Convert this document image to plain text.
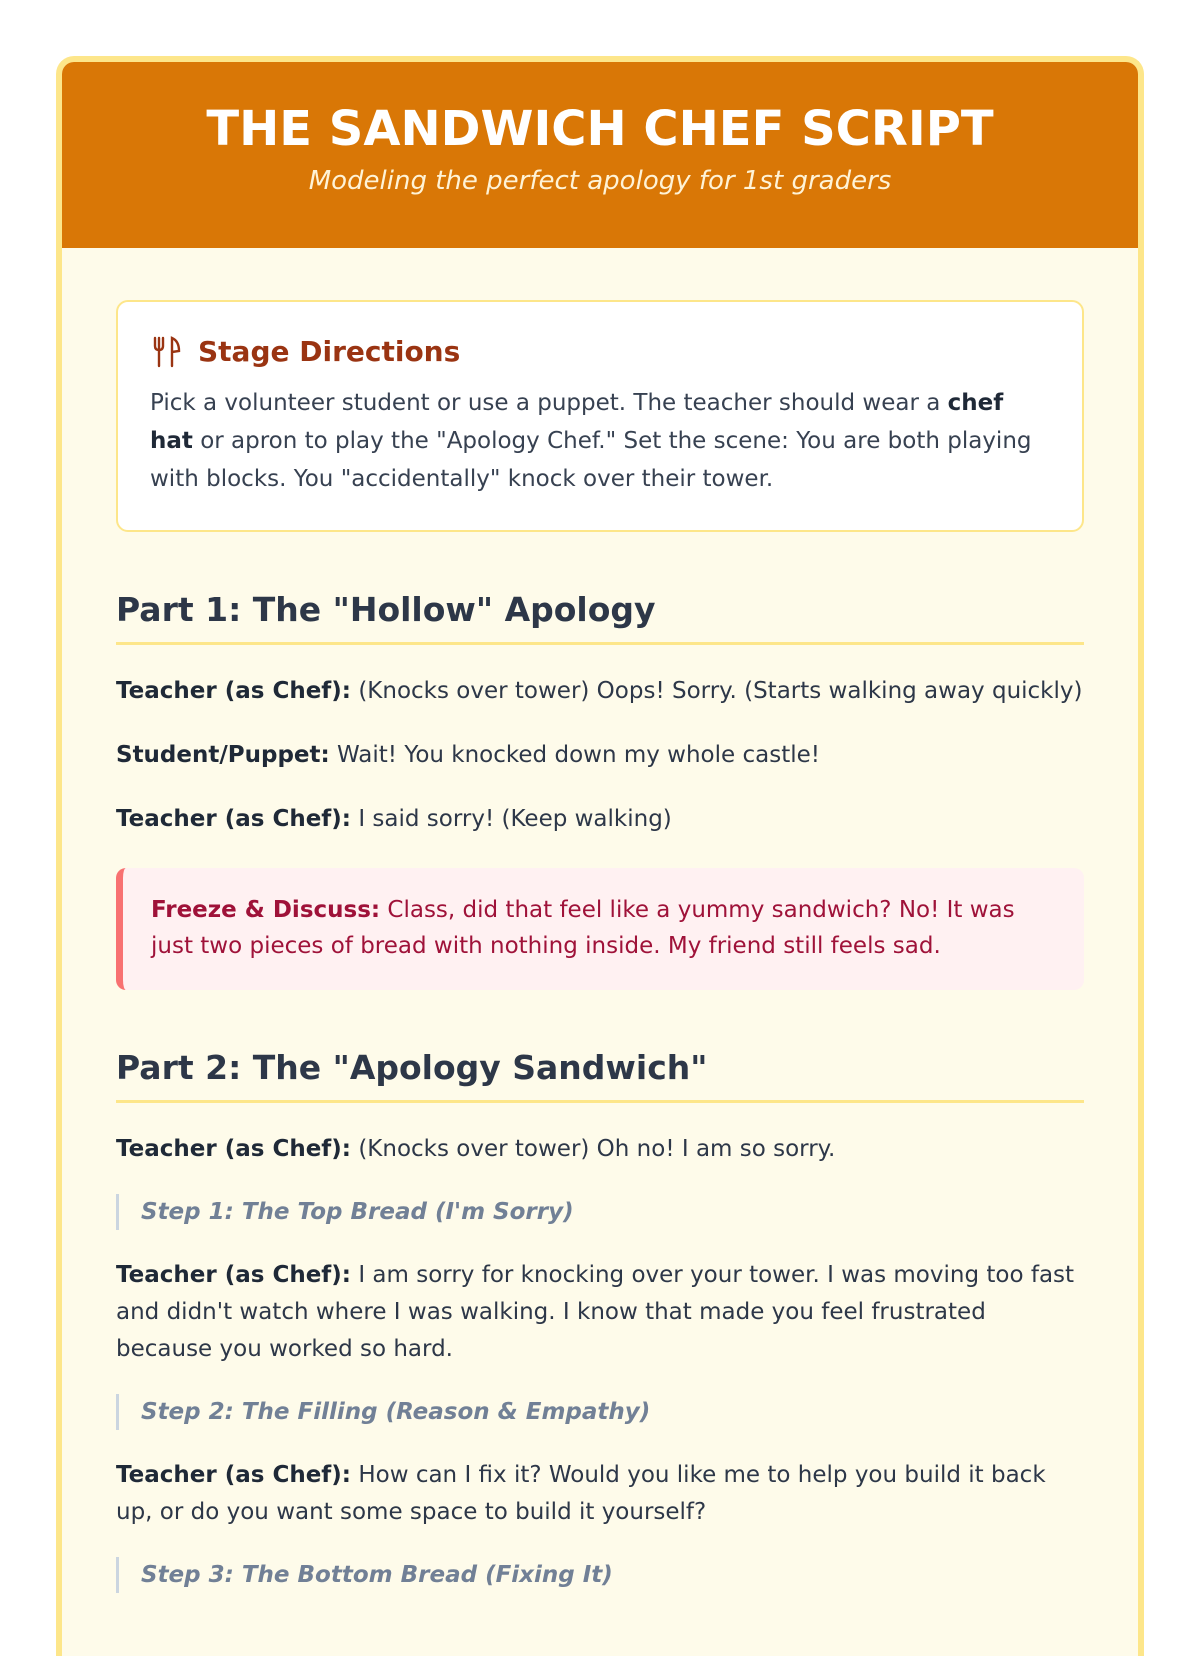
THE SANDWICH CHEF SCRIPT
Modeling the perfect apology for 1st graders
Stage Directions
Pick a volunteer student or use a puppet. The teacher should wear a chef hat or apron to play the "Apology Chef." Set the scene: You are both playing with blocks. You "accidentally" knock over their tower.
Part 1: The "Hollow" Apology

Teacher (as Chef): (Knocks over tower) Oops! Sorry. (Starts walking away quickly)

Student/Puppet: Wait! You knocked down my whole castle!

Teacher (as Chef): I said sorry! (Keep walking)

Freeze & Discuss: Class, did that feel like a yummy sandwich? No! It was just two pieces of bread with nothing inside. My friend still feels sad.
Part 2: The "Apology Sandwich"

Teacher (as Chef): (Knocks over tower) Oh no! I am so sorry.

Step 1: The Top Bread (I'm Sorry)

Teacher (as Chef): I am sorry for knocking over your tower. I was moving too fast and didn't watch where I was walking. I know that made you feel frustrated because you worked so hard.

Step 2: The Filling (Reason & Empathy)

Teacher (as Chef): How can I fix it? Would you like me to help you build it back up, or do you want some space to build it yourself?

Step 3: The Bottom Bread (Fixing It)
